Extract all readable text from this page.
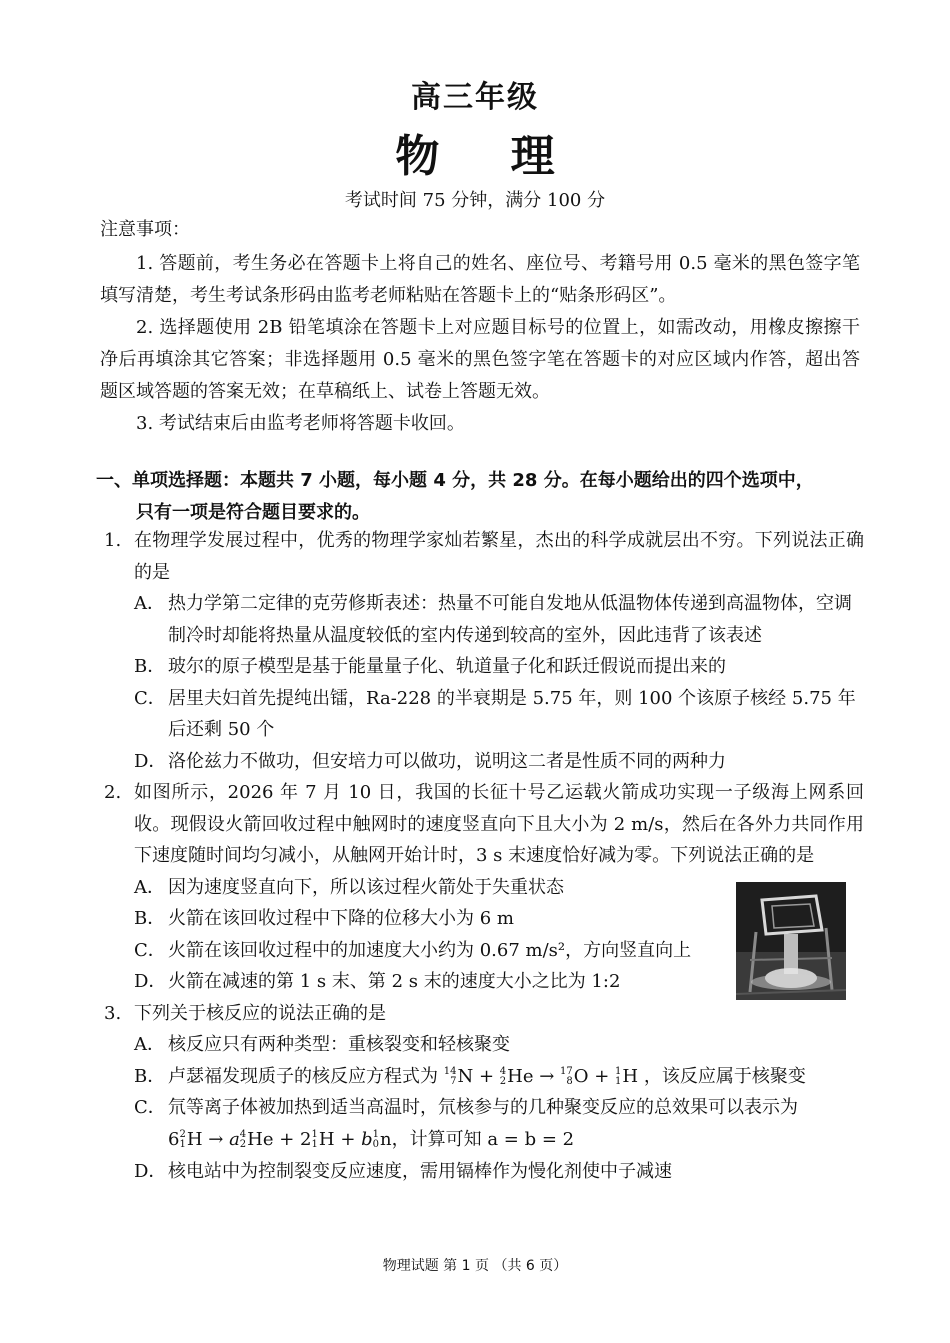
高三年级
物 理
考试时间 75 分钟，满分 100 分
注意事项：

1. 答题前，考生务必在答题卡上将自己的姓名、座位号、考籍号用 0.5 毫米的黑色签字笔填写清楚，考生考试条形码由监考老师粘贴在答题卡上的“贴条形码区”。

2. 选择题使用 2B 铅笔填涂在答题卡上对应题目标号的位置上，如需改动，用橡皮擦擦干净后再填涂其它答案；非选择题用 0.5 毫米的黑色签字笔在答题卡的对应区域内作答，超出答题区域答题的答案无效；在草稿纸上、试卷上答题无效。

3. 考试结束后由监考老师将答题卡收回。

一、单项选择题：本题共 7 小题，每小题 4 分，共 28 分。在每小题给出的四个选项中，
只有一项是符合题目要求的。
1. 在物理学发展过程中，优秀的物理学家灿若繁星，杰出的科学成就层出不穷。下列说法正确的是
A． 热力学第二定律的克劳修斯表述：热量不可能自发地从低温物体传递到高温物体，空调制冷时却能将热量从温度较低的室内传递到较高的室外，因此违背了该表述
B． 玻尔的原子模型是基于能量量子化、轨道量子化和跃迁假说而提出来的
C． 居里夫妇首先提纯出镭，Ra-228 的半衰期是 5.75 年，则 100 个该原子核经 5.75 年后还剩 50 个
D． 洛伦兹力不做功，但安培力可以做功，说明这二者是性质不同的两种力
2. 如图所示，2026 年 7 月 10 日，我国的长征十号乙运载火箭成功实现一子级海上网系回收。现假设火箭回收过程中触网时的速度竖直向下且大小为 2 m/s，然后在各外力共同作用下速度随时间均匀减小，从触网开始计时，3 s 末速度恰好减为零。下列说法正确的是
A． 因为速度竖直向下，所以该过程火箭处于失重状态
B． 火箭在该回收过程中下降的位移大小为 6 m
C． 火箭在该回收过程中的加速度大小约为 0.67 m/s²，方向竖直向上
D． 火箭在减速的第 1 s 末、第 2 s 末的速度大小之比为 1:2
3. 下列关于核反应的说法正确的是
A． 核反应只有两种类型：重核裂变和轻核聚变
B． 卢瑟福发现质子的核反应方程式为 14
7 N + 4
2 He → 17
8 O + 1
1 H ，该反应属于核聚变
C． 氘等离子体被加热到适当高温时，氘核参与的几种聚变反应的总效果可以表示为
6 2
1 H → a 4
2 He + 2 1
1 H + b 1
0 n，计算可知 a = b = 2
D． 核电站中为控制裂变反应速度，需用镉棒作为慢化剂使中子减速
物理试题 第 1 页 （共 6 页）
